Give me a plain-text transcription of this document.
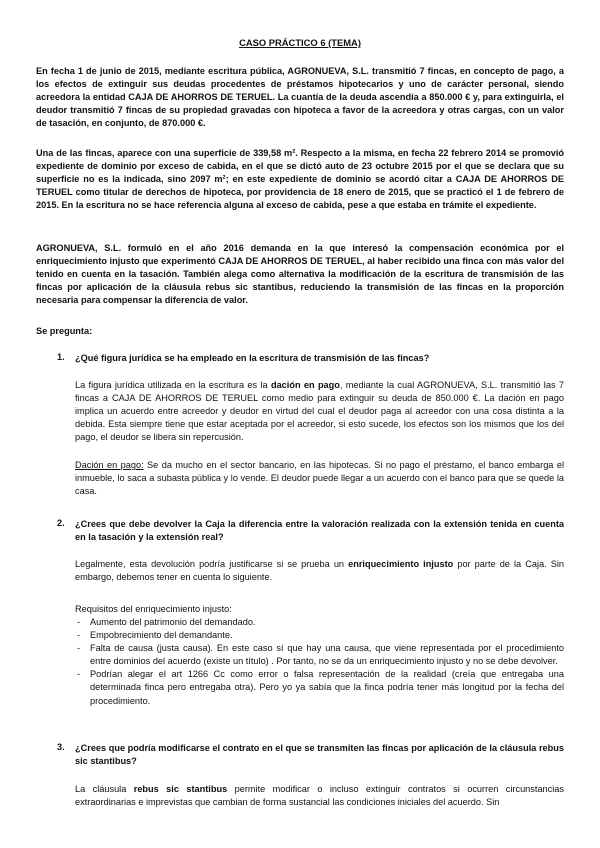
CASO PRÁCTICO 6 (TEMA)
En fecha 1 de junio de 2015, mediante escritura pública, AGRONUEVA, S.L. transmitió 7 fincas, en concepto de pago, a los efectos de extinguir sus deudas procedentes de préstamos hipotecarios y uno de carácter personal, siendo acreedora la entidad CAJA DE AHORROS DE TERUEL. La cuantía de la deuda ascendía a 850.000 € y, para extinguirla, el deudor transmitió 7 fincas de su propiedad gravadas con hipoteca a favor de la acreedora y otras cargas, con un valor de tasación, en conjunto, de 870.000 €.
Una de las fincas, aparece con una superficie de 339,58 m². Respecto a la misma, en fecha 22 febrero 2014 se promovió expediente de dominio por exceso de cabida, en el que se dictó auto de 23 octubre 2015 por el que se declara que su superficie no es la indicada, sino 2097 m²; en este expediente de dominio se acordó citar a CAJA DE AHORROS DE TERUEL como titular de derechos de hipoteca, por providencia de 18 enero de 2015, que se practicó el 1 de febrero de 2015. En la escritura no se hace referencia alguna al exceso de cabida, pese a que estaba en trámite el expediente.
AGRONUEVA, S.L. formuló en el año 2016 demanda en la que interesó la compensación económica por el enriquecimiento injusto que experimentó CAJA DE AHORROS DE TERUEL, al haber recibido una finca con más valor del tenido en cuenta en la tasación. También alega como alternativa la modificación de la escritura de transmisión de las fincas por aplicación de la cláusula rebus sic stantibus, reduciendo la transmisión de las fincas en la proporción necesaria para compensar la diferencia de valor.
Se pregunta:
1. ¿Qué figura jurídica se ha empleado en la escritura de transmisión de las fincas?
La figura jurídica utilizada en la escritura es la dación en pago, mediante la cual AGRONUEVA, S.L. transmitió las 7 fincas a CAJA DE AHORROS DE TERUEL como medio para extinguir su deuda de 850.000 €. La dación en pago implica un acuerdo entre acreedor y deudor en virtud del cual el deudor paga al acreedor con una cosa distinta a la debida. Esta siempre tiene que estar aceptada por el acreedor, si esto sucede, los efectos son los mismos que los del pago, el deudor se libera sin repercusión.
Dación en pago: Se da mucho en el sector bancario, en las hipotecas. Si no pago el préstamo, el banco embarga el inmueble, lo saca a subasta pública y lo vende. El deudor puede llegar a un acuerdo con el banco para que se quede la casa.
2. ¿Crees que debe devolver la Caja la diferencia entre la valoración realizada con la extensión tenida en cuenta en la tasación y la extensión real?
Legalmente, esta devolución podría justificarse si se prueba un enriquecimiento injusto por parte de la Caja. Sin embargo, debemos tener en cuenta lo siguiente.
Requisitos del enriquecimiento injusto:
- Aumento del patrimonio del demandado.
- Empobrecimiento del demandante.
- Falta de causa (justa causa). En este caso sí que hay una causa, que viene representada por el procedimiento entre dominios del acuerdo (existe un título) . Por tanto, no se da un enriquecimiento injusto y no se debe devolver.
- Podrían alegar el art 1266 Cc como error o falsa representación de la realidad (creía que entregaba una determinada finca pero entregaba otra). Pero yo ya sabía que la finca podría tener más longitud por la fecha del procedimiento.
3. ¿Crees que podría modificarse el contrato en el que se transmiten las fincas por aplicación de la cláusula rebus sic stantibus?
La cláusula rebus sic stantibus permite modificar o incluso extinguir contratos si ocurren circunstancias extraordinarias e imprevistas que cambian de forma sustancial las condiciones iniciales del acuerdo. Sin
